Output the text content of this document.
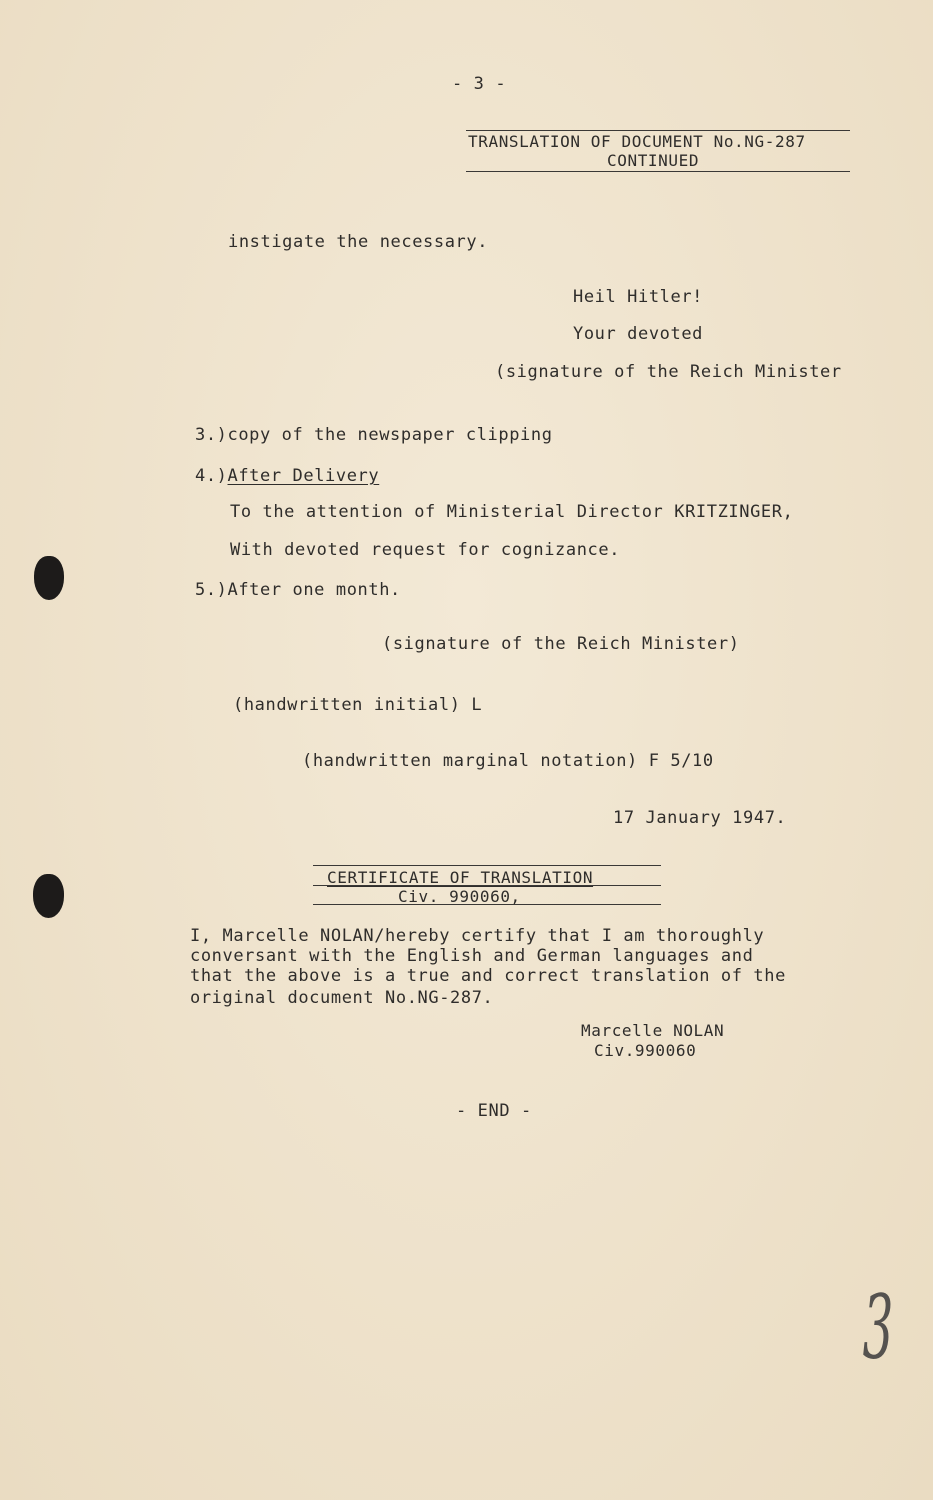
- 3 -
TRANSLATION OF DOCUMENT No.NG-287
CONTINUED
instigate the necessary.
Heil Hitler!
Your devoted
(signature of the Reich Minister
3.)copy of the newspaper clipping
4.)After Delivery
To the attention of Ministerial Director KRITZINGER,
With devoted request for cognizance.
5.)After one month.
(signature of the Reich Minister)
(handwritten initial) L
(handwritten marginal notation) F 5/10
17 January 1947.
CERTIFICATE OF TRANSLATION
Civ. 990060,
I, Marcelle NOLAN/hereby certify that I am thoroughly
conversant with the English and German languages and
that the above is a true and correct translation of the
original document No.NG-287.
Marcelle NOLAN
Civ.990060
- END -
3
